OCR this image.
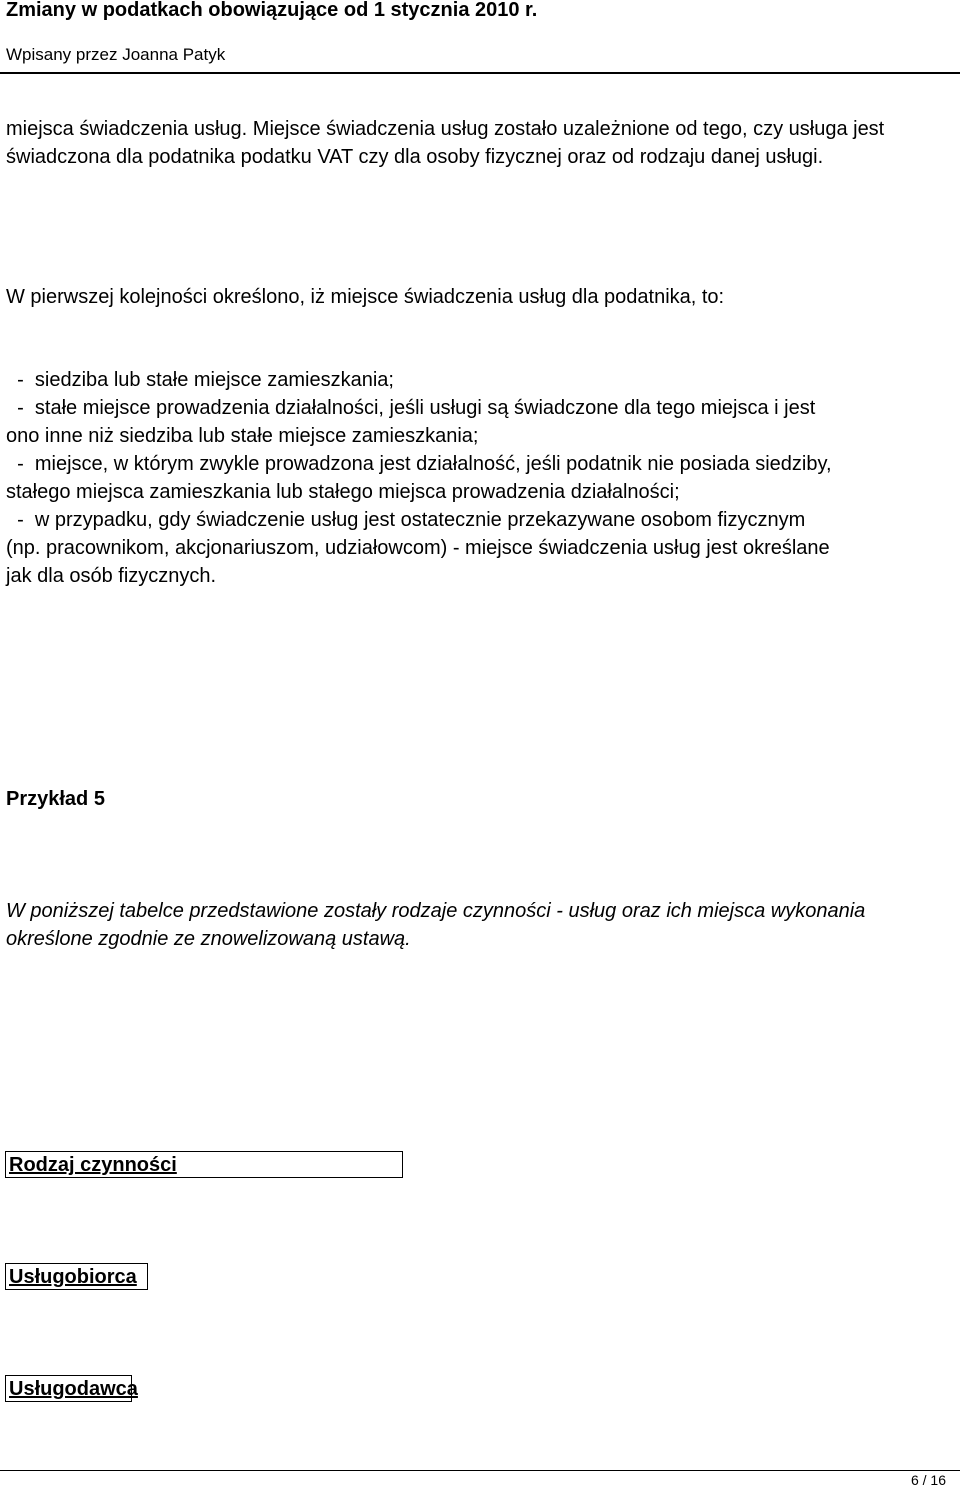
Zmiany w podatkach obowiązujące od 1 stycznia 2010 r.
Wpisany przez Joanna Patyk

miejsca świadczenia usług. Miejsce świadczenia usług zostało uzależnione od tego, czy usługa jest świadczona dla podatnika podatku VAT czy dla osoby fizycznej oraz od rodzaju danej usługi.

W pierwszej kolejności określono, iż miejsce świadczenia usług dla podatnika, to:

-  siedziba lub stałe miejsce zamieszkania;
-  stałe miejsce prowadzenia działalności, jeśli usługi są świadczone dla tego miejsca i jest
ono inne niż siedziba lub stałe miejsce zamieszkania;
-  miejsce, w którym zwykle prowadzona jest działalność, jeśli podatnik nie posiada siedziby,
stałego miejsca zamieszkania lub stałego miejsca prowadzenia działalności;
-  w przypadku, gdy świadczenie usług jest ostatecznie przekazywane osobom fizycznym
(np. pracownikom, akcjonariuszom, udziałowcom) - miejsce świadczenia usług jest określane
jak dla osób fizycznych.
Przykład 5

W poniższej tabelce przedstawione zostały rodzaje czynności - usług oraz ich miejsca wykonania określone zgodnie ze znowelizowaną ustawą.

Rodzaj czynności
Usługobiorca
Usługodawca
6 / 16
